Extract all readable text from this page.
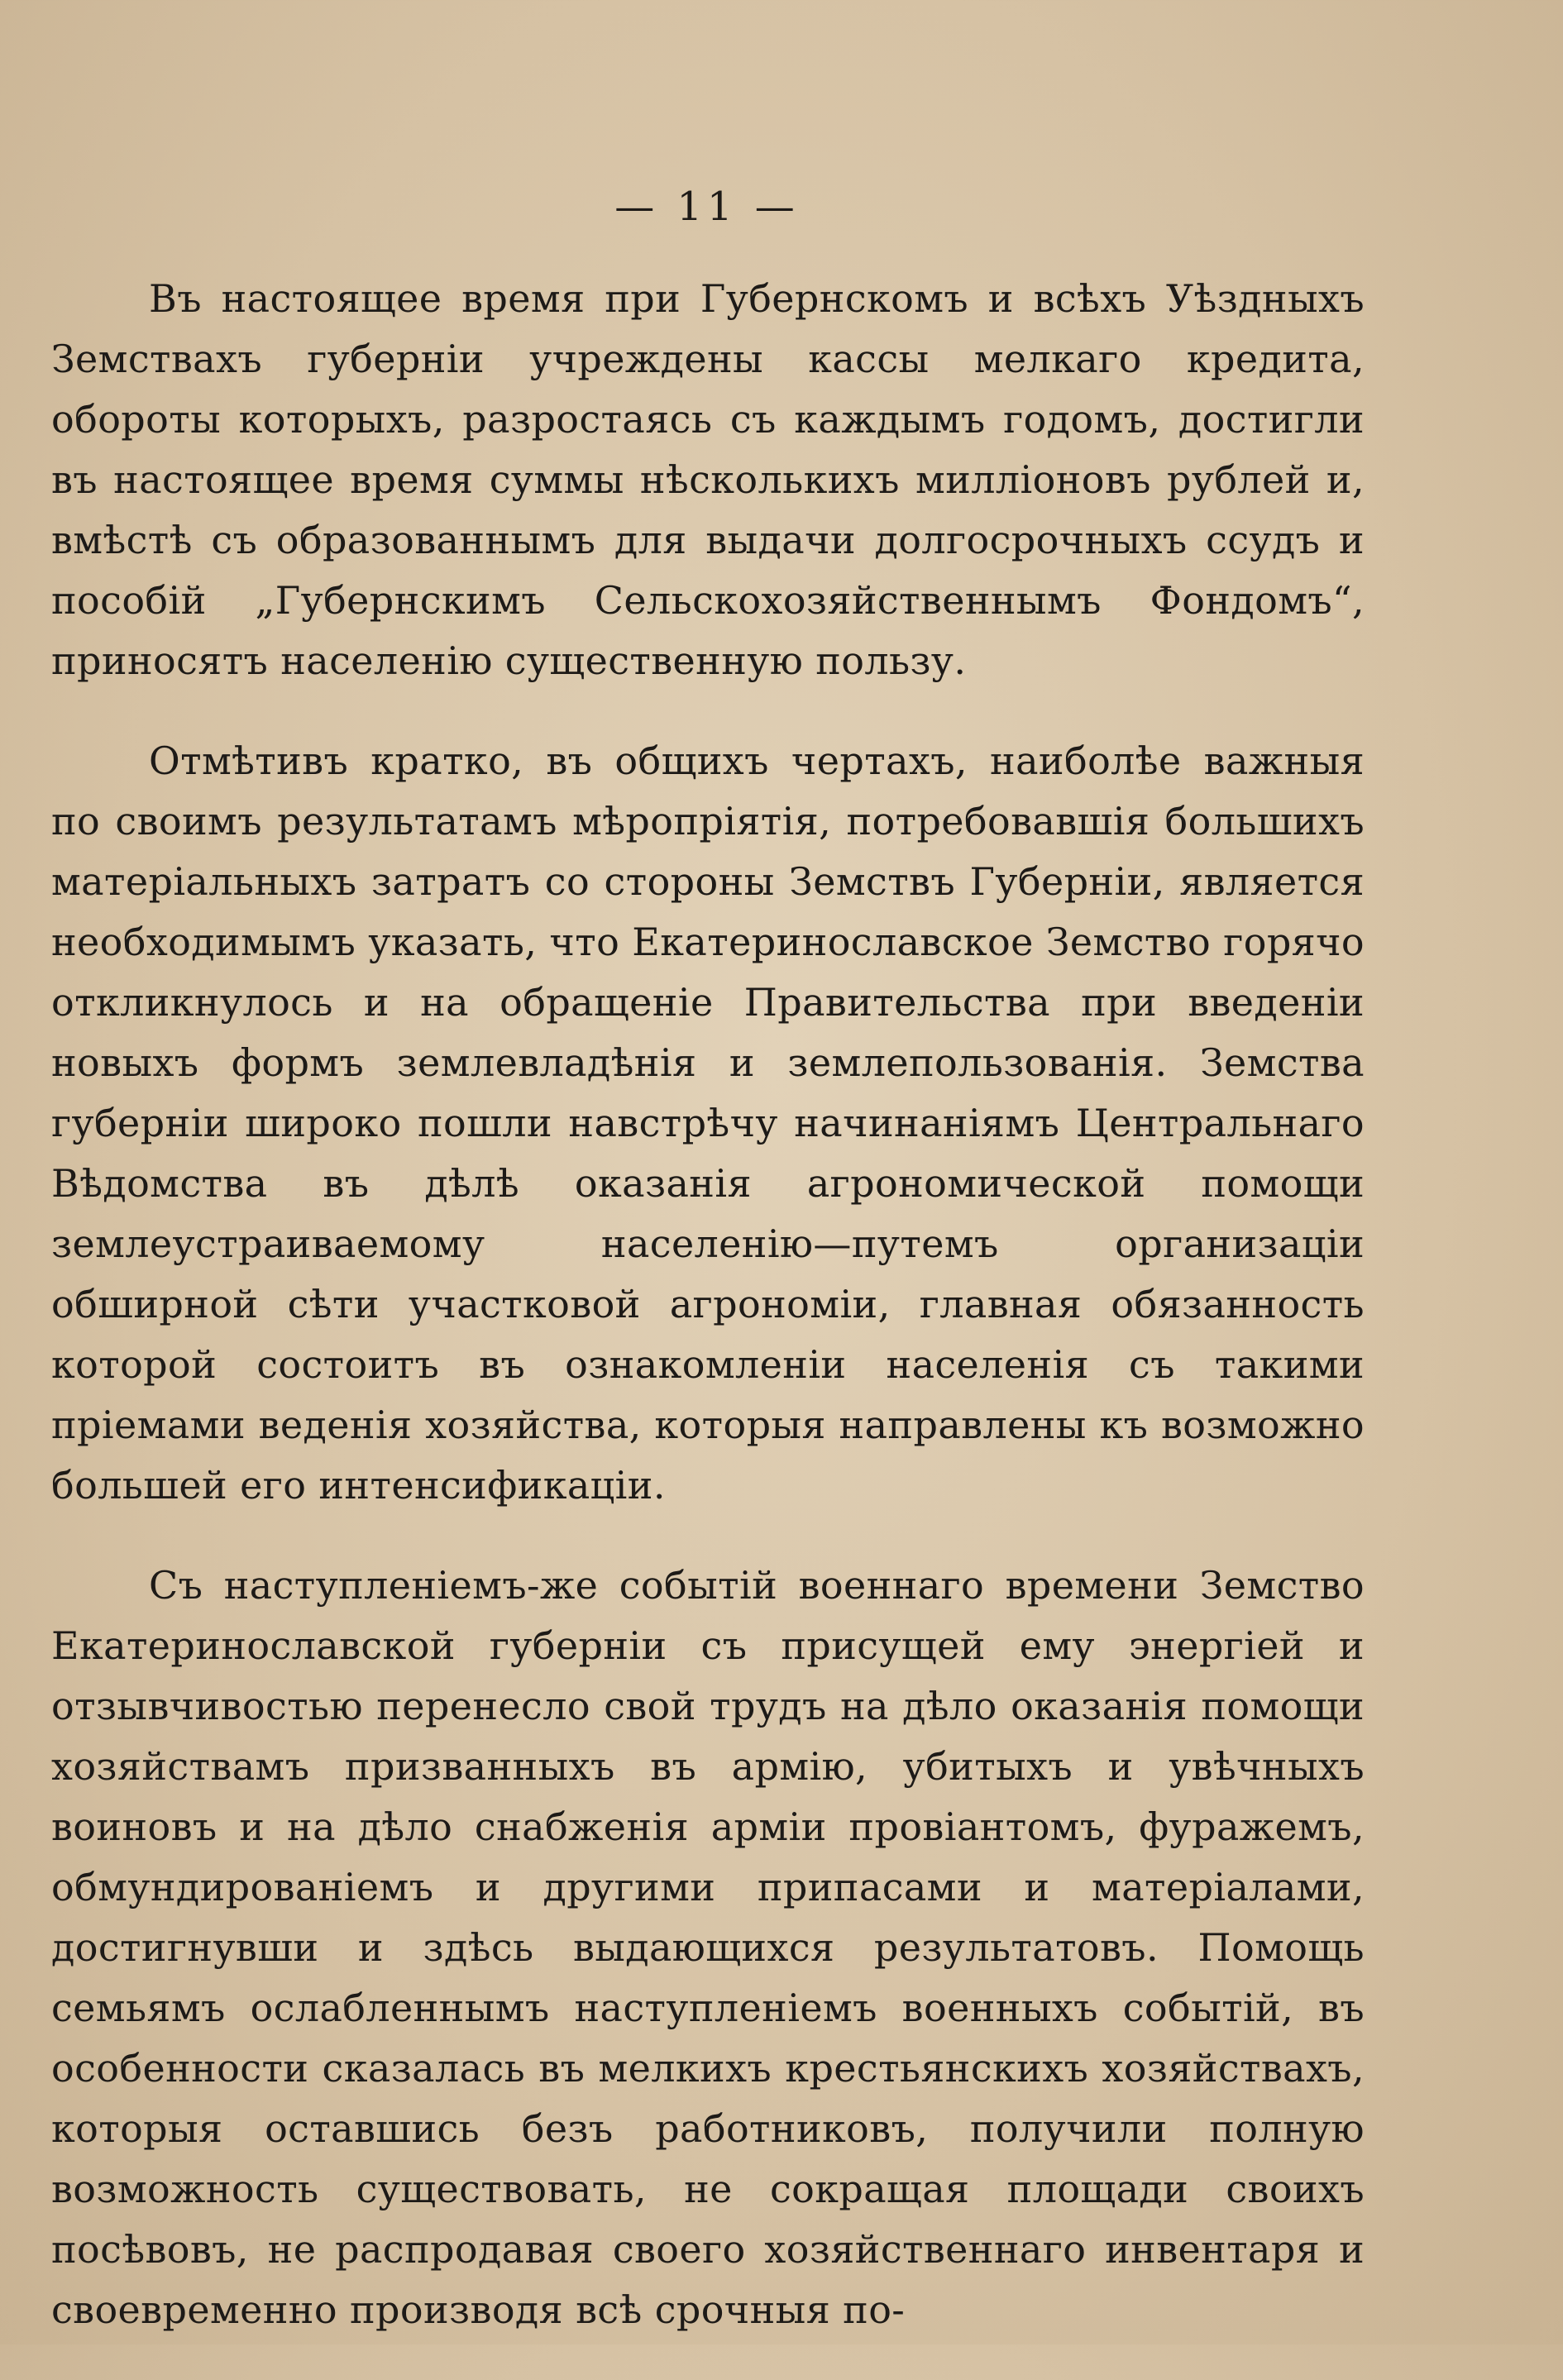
— 11 —

Въ настоящее время при Губернскомъ и всѣхъ Уѣздныхъ Земствахъ губерніи учреждены кассы мелкаго кредита, обороты которыхъ, разростаясь съ каждымъ годомъ, достигли въ настоящее время суммы нѣсколькихъ милліоновъ рублей и, вмѣстѣ съ образованнымъ для выдачи долгосрочныхъ ссудъ и пособій „Губернскимъ Сельскохозяйственнымъ Фондомъ“, приносятъ населенію существенную пользу.

Отмѣтивъ кратко, въ общихъ чертахъ, наиболѣе важныя по своимъ результатамъ мѣропріятія, потребовавшія большихъ матеріальныхъ затратъ со стороны Земствъ Губерніи, является необходимымъ указать, что Екатеринославское Земство горячо откликнулось и на обращеніе Правительства при введеніи новыхъ формъ землевладѣнія и землепользованія. Земства губерніи широко пошли навстрѣчу начинаніямъ Центральнаго Вѣдомства въ дѣлѣ оказанія агрономической помощи землеустраиваемому населенію—путемъ организаціи обширной сѣти участковой агрономіи, главная обязанность которой состоитъ въ ознакомленіи населенія съ такими пріемами веденія хозяйства, которыя направлены къ возможно большей его интенсификаціи.

Съ наступленіемъ-же событій военнаго времени Земство Екатеринославской губерніи съ присущей ему энергіей и отзывчивостью перенесло свой трудъ на дѣло оказанія помощи хозяйствамъ призванныхъ въ армію, убитыхъ и увѣчныхъ воиновъ и на дѣло снабженія арміи провіантомъ, фуражемъ, обмундированіемъ и другими припасами и матеріалами, достигнувши и здѣсь выдающихся результатовъ. Помощь семьямъ ослабленнымъ наступленіемъ военныхъ событій, въ особенности сказалась въ мелкихъ крестьянскихъ хозяйствахъ, которыя оставшись безъ работниковъ, получили полную возможность существовать, не сокращая площади своихъ посѣвовъ, не распродавая своего хозяйственнаго инвентаря и своевременно производя всѣ срочныя по-
